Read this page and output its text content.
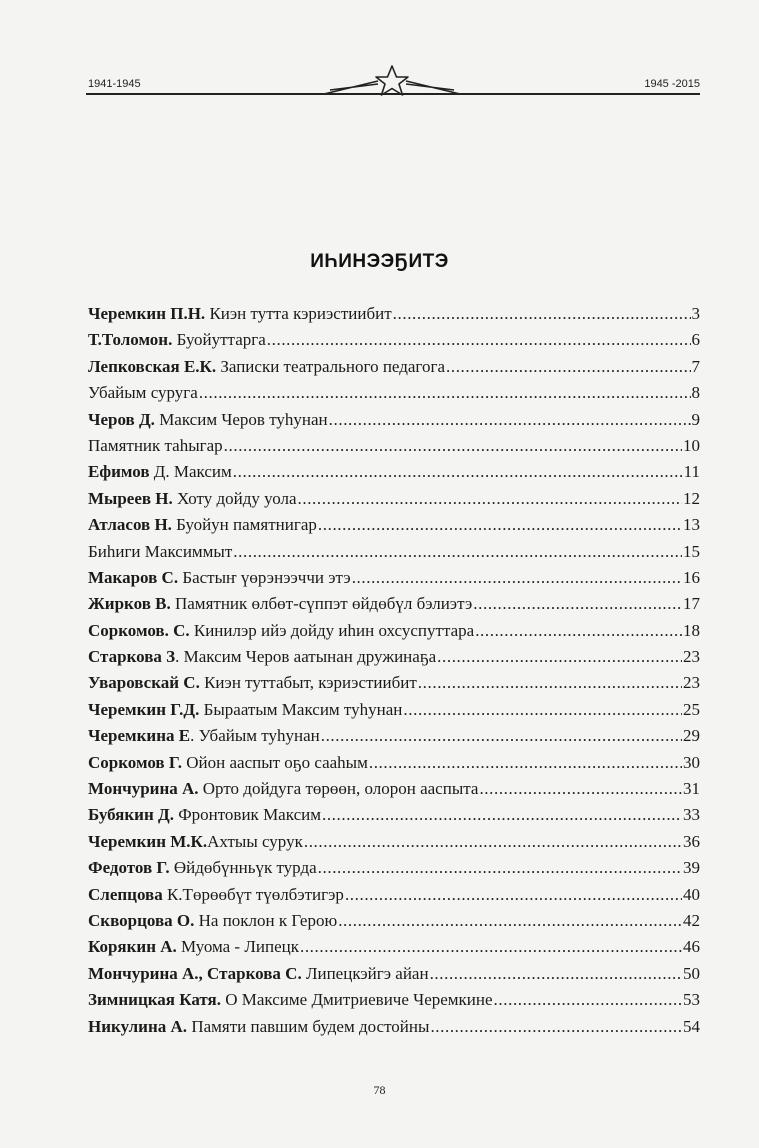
1941-1945	1945 -2015
ИҺИНЭЭҔИТЭ
Черемкин П.Н. Киэн тутта кэриэстиибит .....	3
Т.Толомон. Буойуттарга .....	6
Лепковская Е.К. Записки театрального педагога .....	7
Убайым суруга .....	8
Черов Д. Максим Черов туһунан .....	9
Памятник таһыгар .....	10
Ефимов Д. Максим .....	11
Мыреев Н. Хоту дойду уола .....	12
Атласов Н. Буойун памятнигар .....	13
Биһиги Максиммыт .....	15
Макаров С. Бастыҥ үөрэнээччи этэ .....	16
Жирков В. Памятник өлбөт-сүппэт өйдөбүл бэлиэтэ .....	17
Соркомов. С. Кинилэр ийэ дойду иһин охсуспуттара .....	18
Старкова З . Максим Черов аатынан дружинаҕа .....	23
Уваровскай С. Киэн туттабыт, кэриэстиибит .....	23
Черемкин Г.Д. Быраатым Максим туһунан .....	25
Черемкина Е . Убайым туһунан .....	29
Соркомов Г. Ойон ааспыт оҕо сааһым .....	30
Мончурина А. Орто дойдуга төрөөн, олорон ааспыта .....	31
Бубякин Д. Фронтовик Максим .....	33
Черемкин М.К. Ахтыы сурук .....	36
Федотов Г. Өйдөбүнньүк турда .....	39
Слепцова К.Төрөөбүт түөлбэтигэр .....	40
Скворцова О. На поклон к Герою .....	42
Корякин А. Муома - Липецк .....	46
Мончурина А., Старкова С. Липецкэйгэ айан .....	50
Зимницкая Катя. О Максиме Дмитриевиче Черемкине .....	53
Никулина А. Памяти павшим будем достойны .....	54
78
